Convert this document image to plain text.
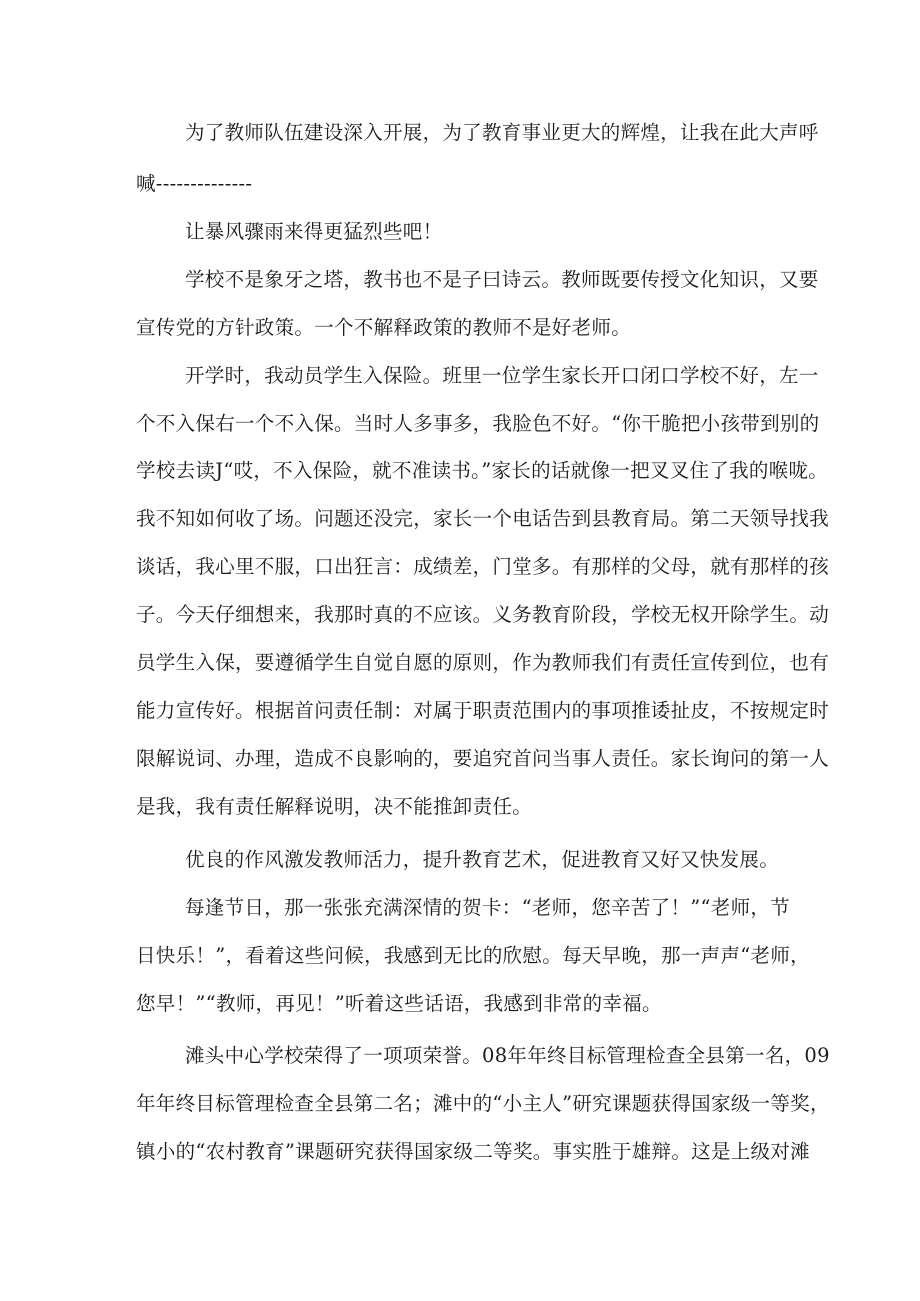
为了教师队伍建设深入开展，为了教育事业更大的辉煌，让我在此大声呼
喊--------------
让暴风骤雨来得更猛烈些吧！
学校不是象牙之塔，教书也不是子曰诗云。教师既要传授文化知识，又要
宣传党的方针政策。一个不解释政策的教师不是好老师。
开学时，我动员学生入保险。班里一位学生家长开口闭口学校不好，左一
个不入保右一个不入保。当时人多事多，我脸色不好。“你干脆把小孩带到别的
学校去读J“哎，不入保险，就不准读书。”家长的话就像一把叉叉住了我的喉咙。
我不知如何收了场。问题还没完，家长一个电话告到县教育局。第二天领导找我
谈话，我心里不服，口出狂言：成绩差，门堂多。有那样的父母，就有那样的孩
子。今天仔细想来，我那时真的不应该。义务教育阶段，学校无权开除学生。动
员学生入保，要遵循学生自觉自愿的原则，作为教师我们有责任宣传到位，也有
能力宣传好。根据首问责任制：对属于职责范围内的事项推诿扯皮，不按规定时
限解说词、办理，造成不良影响的，要追究首问当事人责任。家长询问的第一人
是我，我有责任解释说明，决不能推卸责任。
优良的作风激发教师活力，提升教育艺术，促进教育又好又快发展。
每逢节日，那一张张充满深情的贺卡：“老师，您辛苦了！”“老师，节
日快乐！”，看着这些问候，我感到无比的欣慰。每天早晚，那一声声“老师，
您早！”“教师，再见！”听着这些话语，我感到非常的幸福。
滩头中心学校荣得了一项项荣誉。08年年终目标管理检查全县第一名，09
年年终目标管理检查全县第二名；滩中的“小主人”研究课题获得国家级一等奖，
镇小的“农村教育”课题研究获得国家级二等奖。事实胜于雄辩。这是上级对滩
